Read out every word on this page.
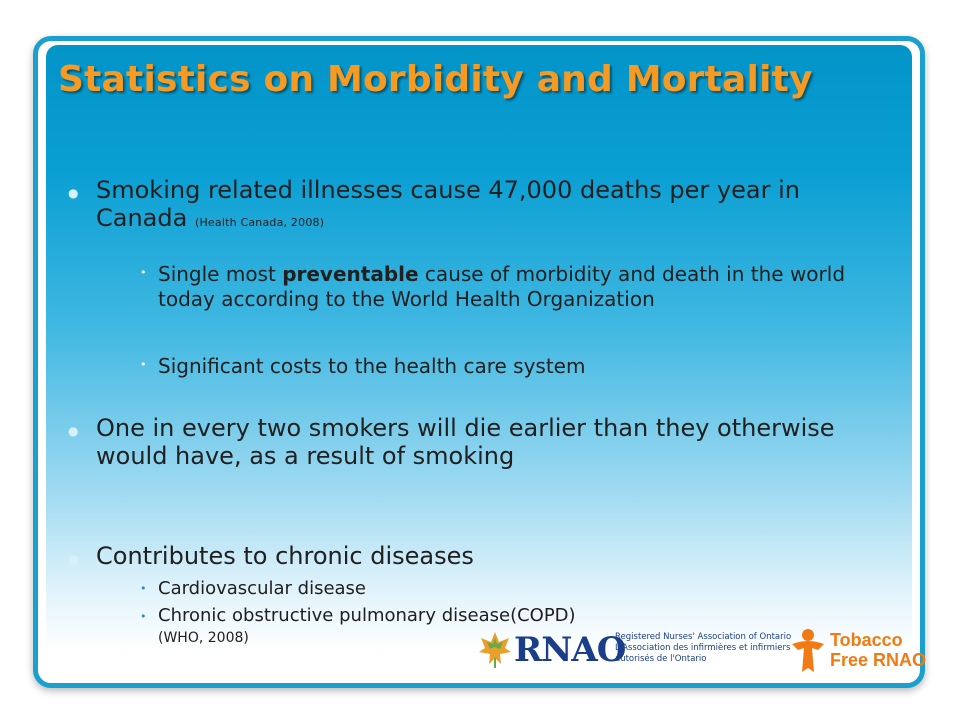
Statistics on Morbidity and Mortality
● Smoking related illnesses cause 47,000 deaths per year in Canada (Health Canada, 2008)

• Single most preventable cause of morbidity and death in the world today according to the World Health Organization

• Significant costs to the health care system

● One in every two smokers will die earlier than they otherwise would have, as a result of smoking

● Contributes to chronic diseases

• Cardiovascular disease

• Chronic obstructive pulmonary disease(COPD)

(WHO, 2008)	RNAO
Registered Nurses' Association of Ontario
L'Association des infirmières et infirmiers
autorisés de l'Ontario
Tobacco
Free RNAO
